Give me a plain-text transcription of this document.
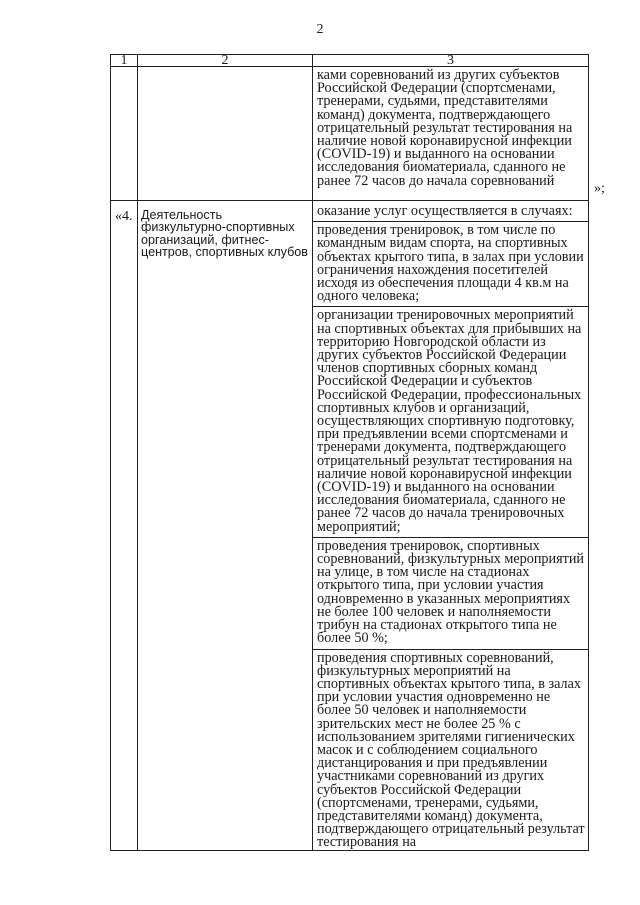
2
1	2	3

		ками соревнований из других субъектов Российской Федерации (спортсменами, тренерами, судьями, представителями команд) документа, подтверждающего отрицательный результат тестирования на наличие новой коронавирусной инфекции (COVID-19) и выданного на основании исследования биоматериала, сданного не ранее 72 часов до начала соревнований

«4.	Деятельность физкультурно-спортивных организаций, фитнес-центров, спортивных клубов	оказание услуг осуществляется в случаях:
проведения тренировок, в том числе по командным видам спорта, на спортивных объектах крытого типа, в залах при условии ограничения нахождения посетителей исходя из обеспечения площади 4 кв.м на одного человека;
организации тренировочных мероприятий на спортивных объектах для прибывших на территорию Новгородской области из других субъектов Российской Федерации членов спортивных сборных команд Российской Федерации и субъектов Российской Федерации, профессиональных спортивных клубов и организаций, осуществляющих спортивную подготовку, при предъявлении всеми спортсменами и тренерами документа, подтверждающего отрицательный результат тестирования на наличие новой коронавирусной инфекции (COVID-19) и выданного на основании исследования биоматериала, сданного не ранее 72 часов до начала тренировочных мероприятий;
проведения тренировок, спортивных соревнований, физкультурных мероприятий на улице, в том числе на стадионах открытого типа, при условии участия одновременно в указанных мероприятиях не более 100 человек и наполняемости трибун на стадионах открытого типа не более 50 %;
проведения спортивных соревнований, физкультурных мероприятий на спортивных объектах крытого типа, в залах при условии участия одновременно не более 50 человек и наполняемости зрительских мест не более 25 % с использованием зрителями гигиенических масок и с соблюдением социального дистанцирования и при предъявлении участниками соревнований из других субъектов Российской Федерации (спортсменами, тренерами, судьями, представителями команд) документа, подтверждающего отрицательный результат тестирования на
»;
